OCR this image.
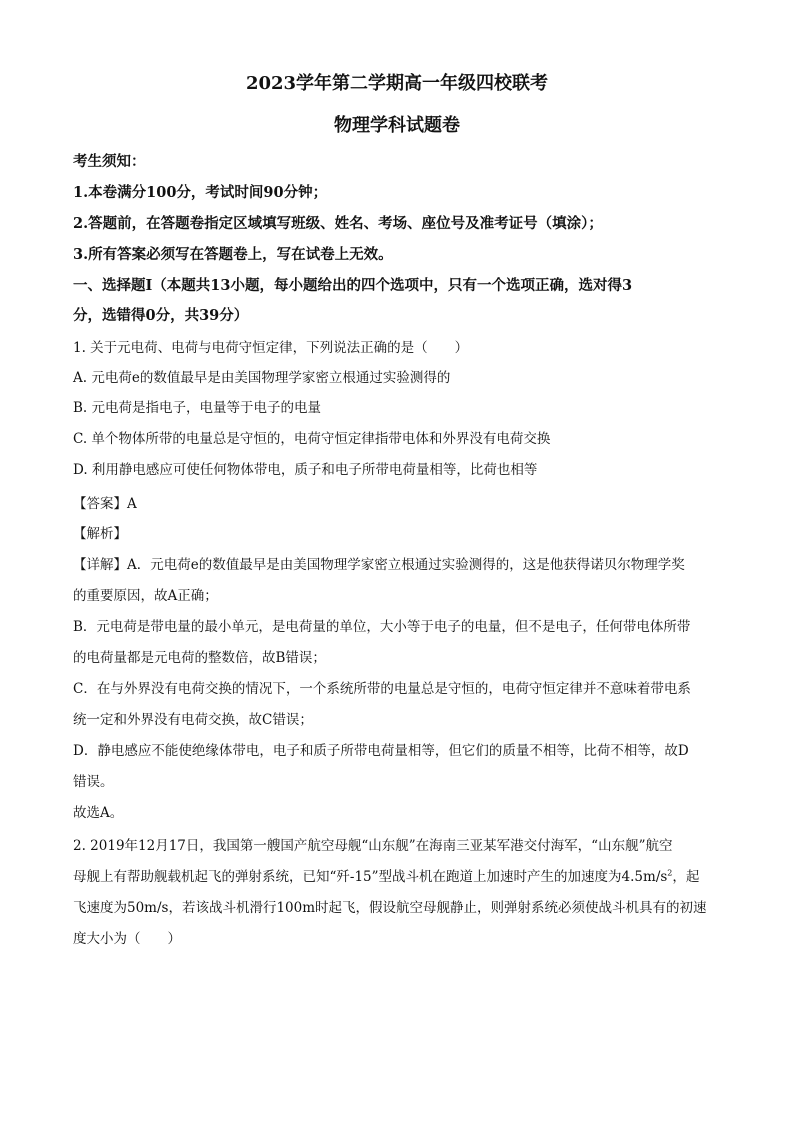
2023学年第二学期高一年级四校联考
物理学科试题卷
考生须知：
1.本卷满分100分，考试时间90分钟；
2.答题前，在答题卷指定区域填写班级、姓名、考场、座位号及准考证号（填涂）；
3.所有答案必须写在答题卷上，写在试卷上无效。
一、选择题Ⅰ（本题共13小题，每小题给出的四个选项中，只有一个选项正确，选对得3
分，选错得0分，共39分）
1. 关于元电荷、电荷与电荷守恒定律，下列说法正确的是（　　）
A. 元电荷e的数值最早是由美国物理学家密立根通过实验测得的
B. 元电荷是指电子，电量等于电子的电量
C. 单个物体所带的电量总是守恒的，电荷守恒定律指带电体和外界没有电荷交换
D. 利用静电感应可使任何物体带电，质子和电子所带电荷量相等，比荷也相等
【答案】A
【解析】
【详解】A．元电荷e的数值最早是由美国物理学家密立根通过实验测得的，这是他获得诺贝尔物理学奖
的重要原因，故A正确；
B．元电荷是带电量的最小单元，是电荷量的单位，大小等于电子的电量，但不是电子，任何带电体所带
的电荷量都是元电荷的整数倍，故B错误；
C．在与外界没有电荷交换的情况下，一个系统所带的电量总是守恒的，电荷守恒定律并不意味着带电系
统一定和外界没有电荷交换，故C错误；
D．静电感应不能使绝缘体带电，电子和质子所带电荷量相等，但它们的质量不相等，比荷不相等，故D
错误。
故选A。
2. 2019年12月17日，我国第一艘国产航空母舰“山东舰”在海南三亚某军港交付海军，“山东舰”航空
母舰上有帮助舰载机起飞的弹射系统，已知“歼-15”型战斗机在跑道上加速时产生的加速度为$4.5m/s^2$，起
飞速度为50m/s，若该战斗机滑行100m时起飞，假设航空母舰静止，则弹射系统必须使战斗机具有的初速
度大小为（　　）
